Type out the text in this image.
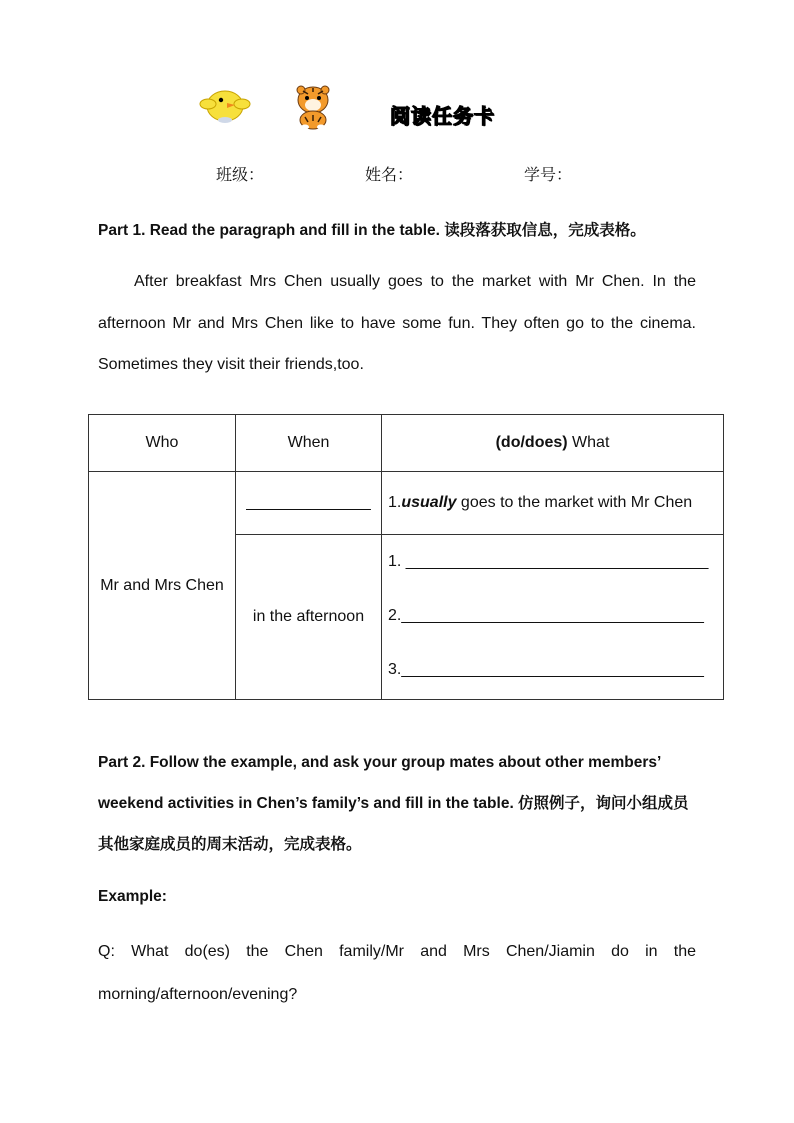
阅读任务卡
班级：	姓名：	学号：
Part 1. Read the paragraph and fill in the table. 读段落获取信息，完成表格。
After breakfast Mrs Chen usually goes to the market with Mr Chen. In the afternoon Mr and Mrs Chen like to have some fun. They often go to the cinema. Sometimes they visit their friends,too.
Who	When	(do/does) What
Mr and Mrs Chen	______________	1.usually goes to the market with Mr Chen
	in the afternoon	1. __________________________________
2.__________________________________
3.__________________________________
Part 2. Follow the example, and ask your group mates about other members’ weekend activities in Chen’s family’s and fill in the table. 仿照例子，询问小组成员其他家庭成员的周末活动，完成表格。
Example:
Q: What do(es) the Chen family/Mr and Mrs Chen/Jiamin do in the morning/afternoon/evening?
